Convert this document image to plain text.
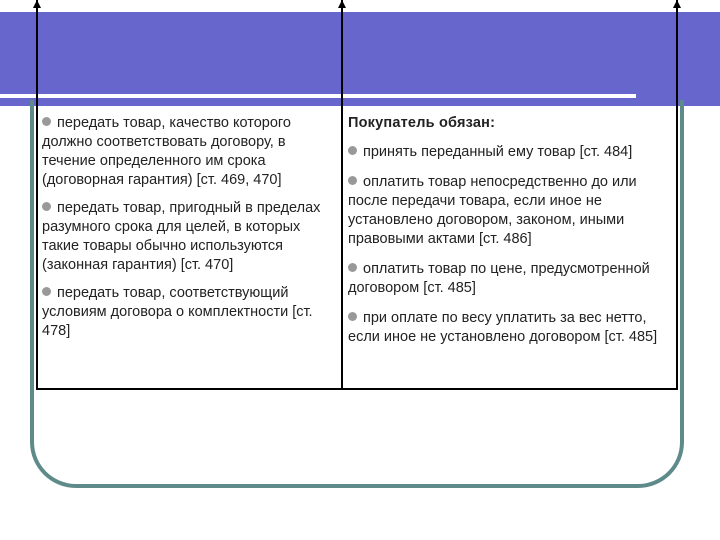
передать товар, качество которого должно соответствовать договору, в течение определенного им срока (договорная гарантия) [ст. 469, 470]

передать товар, пригодный в пределах разумного срока для целей, в которых такие товары обычно используются (законная гарантия) [ст. 470]

передать товар, соответствующий условиям договора о комплектности [ст. 478]

Покупатель обязан:

принять переданный ему товар [ст. 484]

оплатить товар непосредственно до или после передачи товара, если иное не установлено договором, законом, иными правовыми актами [ст. 486]

оплатить товар по цене, предусмотренной договором [ст. 485]

при оплате по весу уплатить за вес нетто, если иное не установлено договором [ст. 485]
